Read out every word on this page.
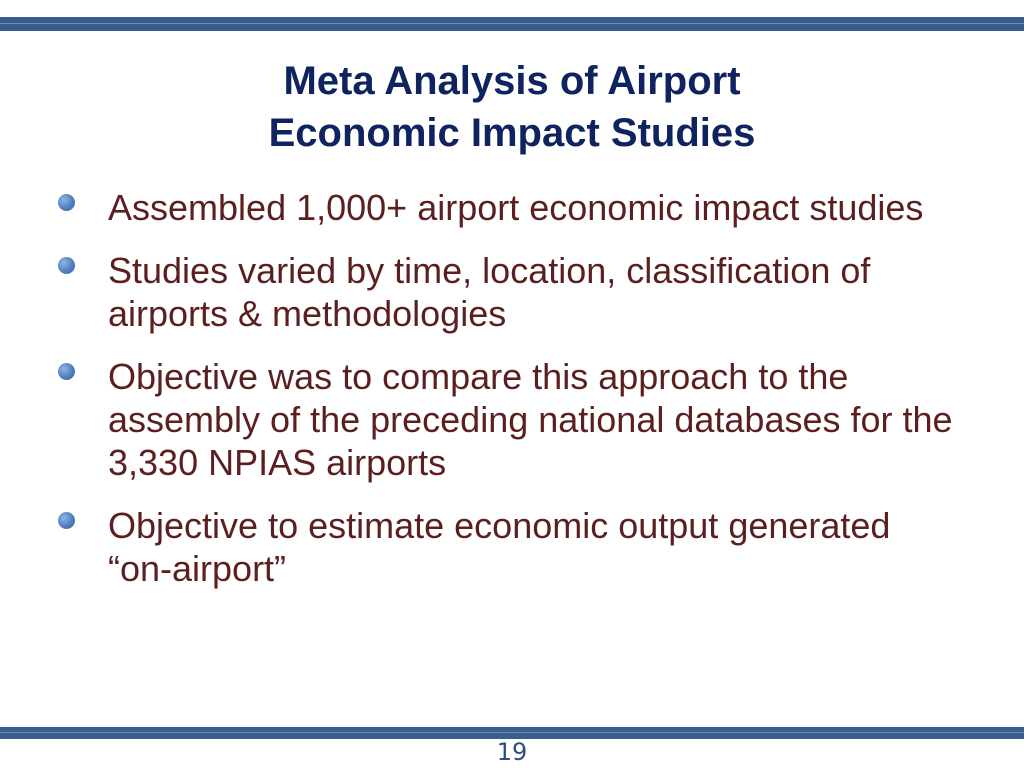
Meta Analysis of Airport
Economic Impact Studies
Assembled 1,000+ airport economic impact studies
Studies varied by time, location, classification of airports & methodologies
Objective was to compare this approach to the assembly of the preceding national databases for the 3,330 NPIAS airports
Objective to estimate economic output generated “on-airport”
19
